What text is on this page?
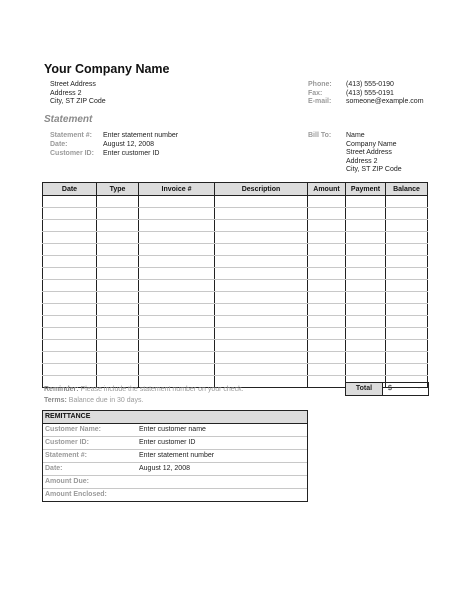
Your Company Name
Street Address
Address 2
City, ST ZIP Code
Phone: (413) 555-0190
Fax:	(413) 555-0191
E-mail: someone@example.com
Statement
Statement #: Enter statement number
Date:	August 12, 2008
Customer ID: Enter customer ID
Bill To: Name
Company Name
Street Address
Address 2
City, ST ZIP Code
Date	Type	Invoice #	Description	Amount	Payment	Balance

Total	$	-
Reminder: Please include the statement number on your check.
Terms: Balance due in 30 days.
REMITTANCE
Customer Name:	Enter customer name
Customer ID:	Enter customer ID
Statement #:	Enter statement number
Date:	August 12, 2008
Amount Due:
Amount Enclosed:
